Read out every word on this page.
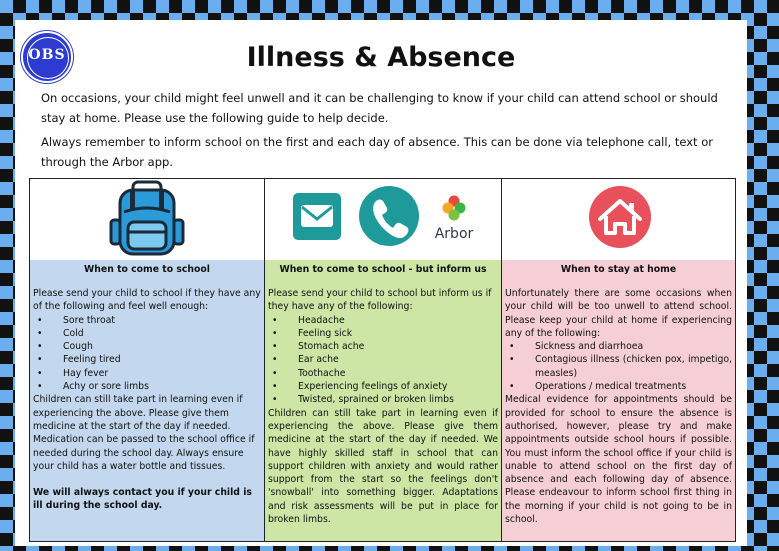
OBS	Illness & Absence
On occasions, your child might feel unwell and it can be challenging to know if your child can attend school or should stay at home. Please use the following guide to help decide.
Always remember to inform school on the first and each day of absence. This can be done via telephone call, text or through the Arbor app.
When to come to school

Please send your child to school if they have any of the following and feel well enough:

• Sore throat
• Cold
• Cough
• Feeling tired
• Hay fever
• Achy or sore limbs

Children can still take part in learning even if experiencing the above. Please give them medicine at the start of the day if needed. Medication can be passed to the school office if needed during the school day. Always ensure your child has a water bottle and tissues.

We will always contact you if your child is ill during the school day.

Arbor
When to come to school - but inform us

Please send your child to school but inform us if they have any of the following:

• Headache
• Feeling sick
• Stomach ache
• Ear ache
• Toothache
• Experiencing feelings of anxiety
• Twisted, sprained or broken limbs

Children can still take part in learning even if experiencing the above. Please give them medicine at the start of the day if needed. We have highly skilled staff in school that can support children with anxiety and would rather support from the start so the feelings don't 'snowball' into something bigger. Adaptations and risk assessments will be put in place for broken limbs.

When to stay at home

Unfortunately there are some occasions when your child will be too unwell to attend school. Please keep your child at home if experiencing any of the following:

• Sickness and diarrhoea
• Contagious illness (chicken pox, impetigo, measles)
• Operations / medical treatments

Medical evidence for appointments should be provided for school to ensure the absence is authorised, however, please try and make appointments outside school hours if possible. You must inform the school office if your child is unable to attend school on the first day of absence and each following day of absence. Please endeavour to inform school first thing in the morning if your child is not going to be in school.
